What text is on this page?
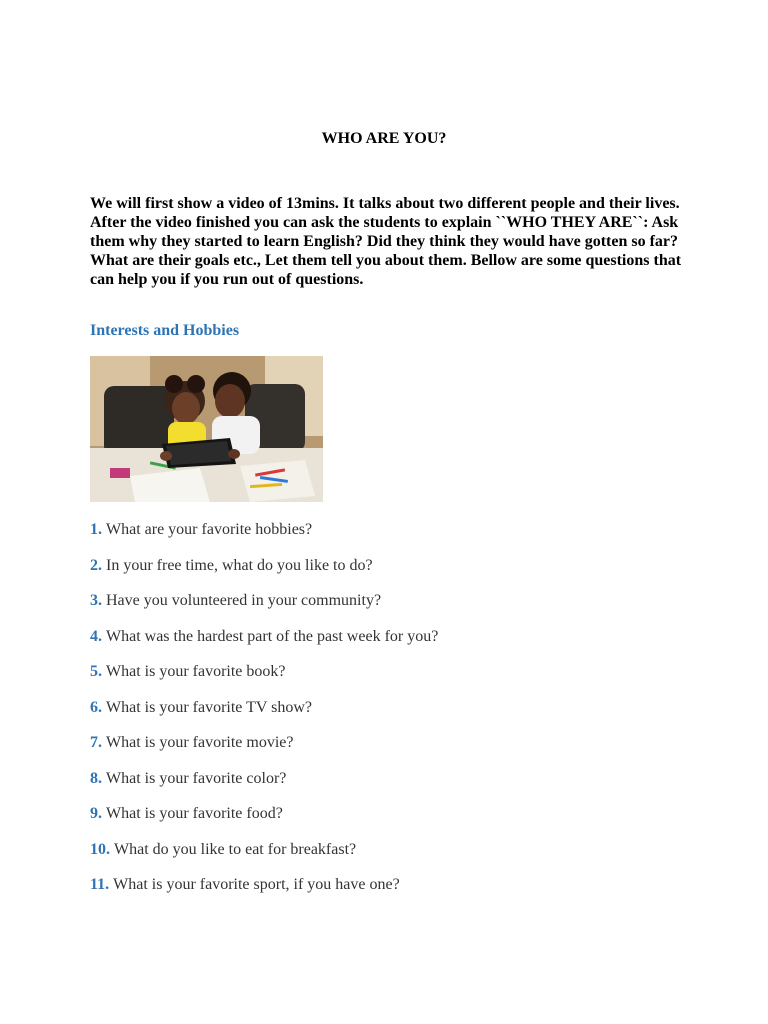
WHO ARE YOU?
We will first show a video of 13mins. It talks about two different people and their lives. After the video finished you can ask the students to explain ``WHO THEY ARE``: Ask them why they started to learn English? Did they think they would have gotten so far? What are their goals etc., Let them tell you about them. Bellow are some questions that can help you if you run out of questions.
Interests and Hobbies
1. What are your favorite hobbies?
2. In your free time, what do you like to do?
3. Have you volunteered in your community?
4. What was the hardest part of the past week for you?
5. What is your favorite book?
6. What is your favorite TV show?
7. What is your favorite movie?
8. What is your favorite color?
9. What is your favorite food?
10. What do you like to eat for breakfast?
11. What is your favorite sport, if you have one?
